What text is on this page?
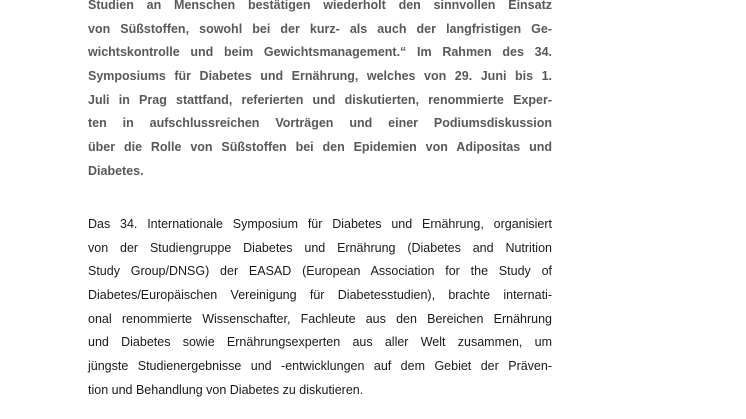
Studien an Menschen bestätigen wiederholt den sinnvollen Einsatz
von Süßstoffen, sowohl bei der kurz- als auch der langfristigen Ge-
wichtskontrolle und beim Gewichtsmanagement.“ Im Rahmen des 34.
Symposiums für Diabetes und Ernährung, welches von 29. Juni bis 1.
Juli in Prag stattfand, referierten und diskutierten, renommierte Exper-
ten in aufschlussreichen Vorträgen und einer Podiumsdiskussion
über die Rolle von Süßstoffen bei den Epidemien von Adipositas und
Diabetes.
Das 34. Internationale Symposium für Diabetes und Ernährung, organisiert
von der Studiengruppe Diabetes und Ernährung (Diabetes and Nutrition
Study Group/DNSG) der EASAD (European Association for the Study of
Diabetes/Europäischen Vereinigung für Diabetesstudien), brachte internati-
onal renommierte Wissenschafter, Fachleute aus den Bereichen Ernährung
und Diabetes sowie Ernährungsexperten aus aller Welt zusammen, um
jüngste Studienergebnisse und -entwicklungen auf dem Gebiet der Präven-
tion und Behandlung von Diabetes zu diskutieren.
